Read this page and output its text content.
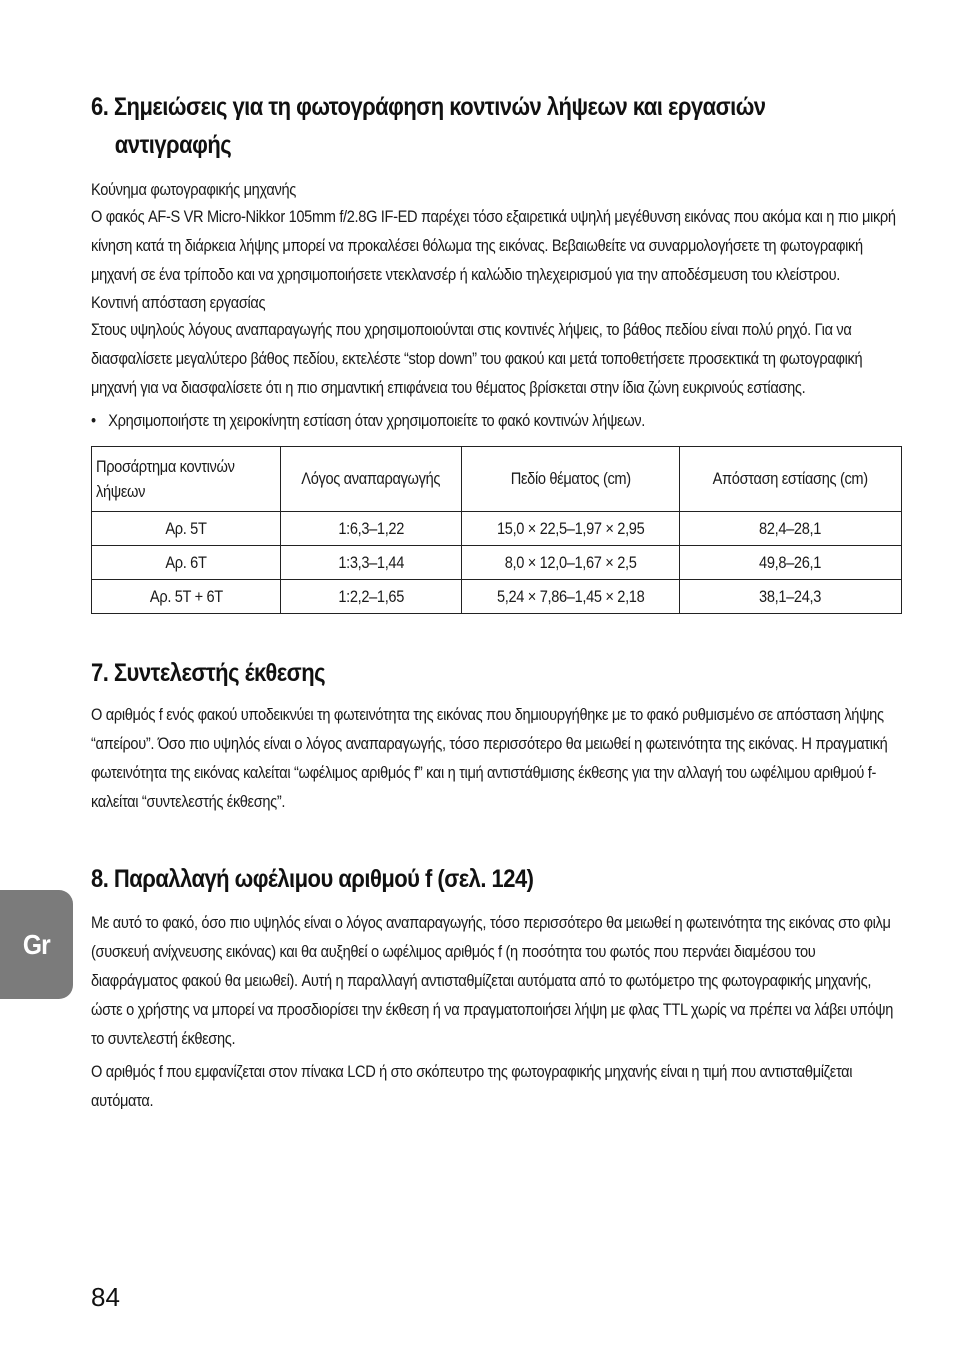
6. Σημειώσεις για τη φωτογράφηση κοντινών λήψεων και εργασιών
αντιγραφής
Κούνημα φωτογραφικής μηχανής

Ο φακός AF-S VR Micro-Nikkor 105mm f/2.8G IF-ED παρέχει τόσο εξαιρετικά υψηλή μεγέθυνση εικόνας που ακόμα και η πιο μικρή κίνηση κατά τη διάρκεια λήψης μπορεί να προκαλέσει θόλωμα της εικόνας. Βεβαιωθείτε να συναρμολογήσετε τη φωτογραφική μηχανή σε ένα τρίποδο και να χρησιμοποιήσετε ντεκλανσέρ ή καλώδιο τηλεχειρισμού για την αποδέσμευση του κλείστρου.

Κοντινή απόσταση εργασίας

Στους υψηλούς λόγους αναπαραγωγής που χρησιμοποιούνται στις κοντινές λήψεις, το βάθος πεδίου είναι πολύ ρηχό. Για να διασφαλίσετε μεγαλύτερο βάθος πεδίου, εκτελέστε “stop down” του φακού και μετά τοποθετήσετε προσεκτικά τη φωτογραφική μηχανή για να διασφαλίσετε ότι η πιο σημαντική επιφάνεια του θέματος βρίσκεται στην ίδια ζώνη ευκρινούς εστίασης.

• Χρησιμοποιήστε τη χειροκίνητη εστίαση όταν χρησιμοποιείτε το φακό κοντινών λήψεων.
Προσάρτημα κοντινών λήψεων	Λόγος αναπαραγωγής	Πεδίο θέματος (cm)	Απόσταση εστίασης (cm)
Αρ. 5T	1:6,3–1,22	15,0 × 22,5–1,97 × 2,95	82,4–28,1
Αρ. 6T	1:3,3–1,44	8,0 × 12,0–1,67 × 2,5	49,8–26,1
Αρ. 5T + 6T	1:2,2–1,65	5,24 × 7,86–1,45 × 2,18	38,1–24,3
7. Συντελεστής έκθεσης

Ο αριθμός f ενός φακού υποδεικνύει τη φωτεινότητα της εικόνας που δημιουργήθηκε με το φακό ρυθμισμένο σε απόσταση λήψης “απείρου”. Όσο πιο υψηλός είναι ο λόγος αναπαραγωγής, τόσο περισσότερο θα μειωθεί η φωτεινότητα της εικόνας. Η πραγματική φωτεινότητα της εικόνας καλείται “ωφέλιμος αριθμός f” και η τιμή αντιστάθμισης έκθεσης για την αλλαγή του ωφέλιμου αριθμού f-καλείται “συντελεστής έκθεσης”.

8. Παραλλαγή ωφέλιμου αριθμού f (σελ. 124)

Με αυτό το φακό, όσο πιο υψηλός είναι ο λόγος αναπαραγωγής, τόσο περισσότερο θα μειωθεί η φωτεινότητα της εικόνας στο φιλμ (συσκευή ανίχνευσης εικόνας) και θα αυξηθεί ο ωφέλιμος αριθμός f (η ποσότητα του φωτός που περνάει διαμέσου του διαφράγματος φακού θα μειωθεί). Αυτή η παραλλαγή αντισταθμίζεται αυτόματα από το φωτόμετρο της φωτογραφικής μηχανής, ώστε ο χρήστης να μπορεί να προσδιορίσει την έκθεση ή να πραγματοποιήσει λήψη με φλας TTL χωρίς να πρέπει να λάβει υπόψη το συντελεστή έκθεσης.

Ο αριθμός f που εμφανίζεται στον πίνακα LCD ή στο σκόπευτρο της φωτογραφικής μηχανής είναι η τιμή που αντισταθμίζεται αυτόματα.

Gr
84
